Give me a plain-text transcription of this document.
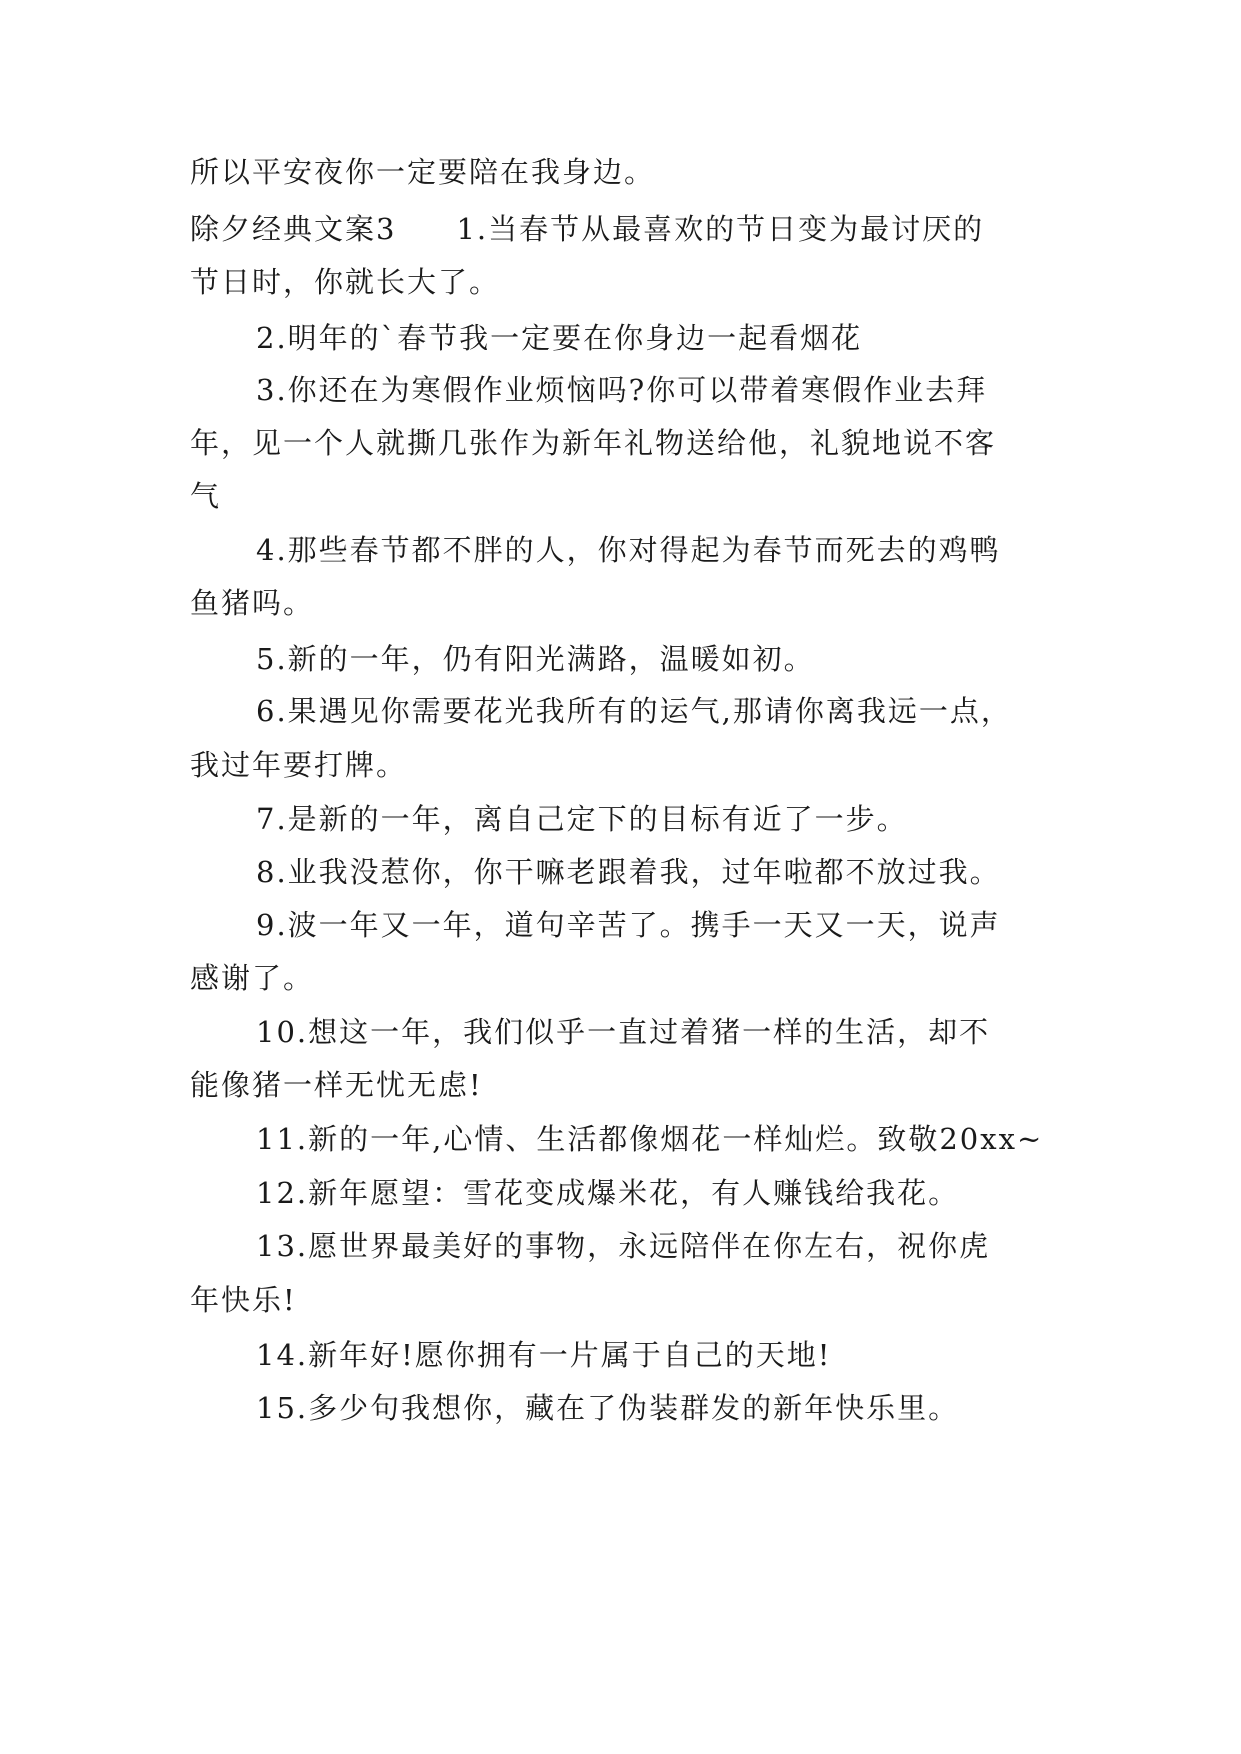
所以平安夜你一定要陪在我身边。
除夕经典文案3 1.当春节从最喜欢的节日变为最讨厌的
节日时，你就长大了。
2.明年的`春节我一定要在你身边一起看烟花
3.你还在为寒假作业烦恼吗?你可以带着寒假作业去拜
年，见一个人就撕几张作为新年礼物送给他，礼貌地说不客
气
4.那些春节都不胖的人，你对得起为春节而死去的鸡鸭
鱼猪吗。
5.新的一年，仍有阳光满路，温暖如初。
6.果遇见你需要花光我所有的运气,那请你离我远一点，
我过年要打牌。
7.是新的一年，离自己定下的目标有近了一步。
8.业我没惹你，你干嘛老跟着我，过年啦都不放过我。
9.波一年又一年，道句辛苦了。携手一天又一天，说声
感谢了。
10.想这一年，我们似乎一直过着猪一样的生活，却不
能像猪一样无忧无虑!
11.新的一年,心情、生活都像烟花一样灿烂。致敬20xx~
12.新年愿望：雪花变成爆米花，有人赚钱给我花。
13.愿世界最美好的事物，永远陪伴在你左右，祝你虎
年快乐!
14.新年好!愿你拥有一片属于自己的天地!
15.多少句我想你，藏在了伪装群发的新年快乐里。
